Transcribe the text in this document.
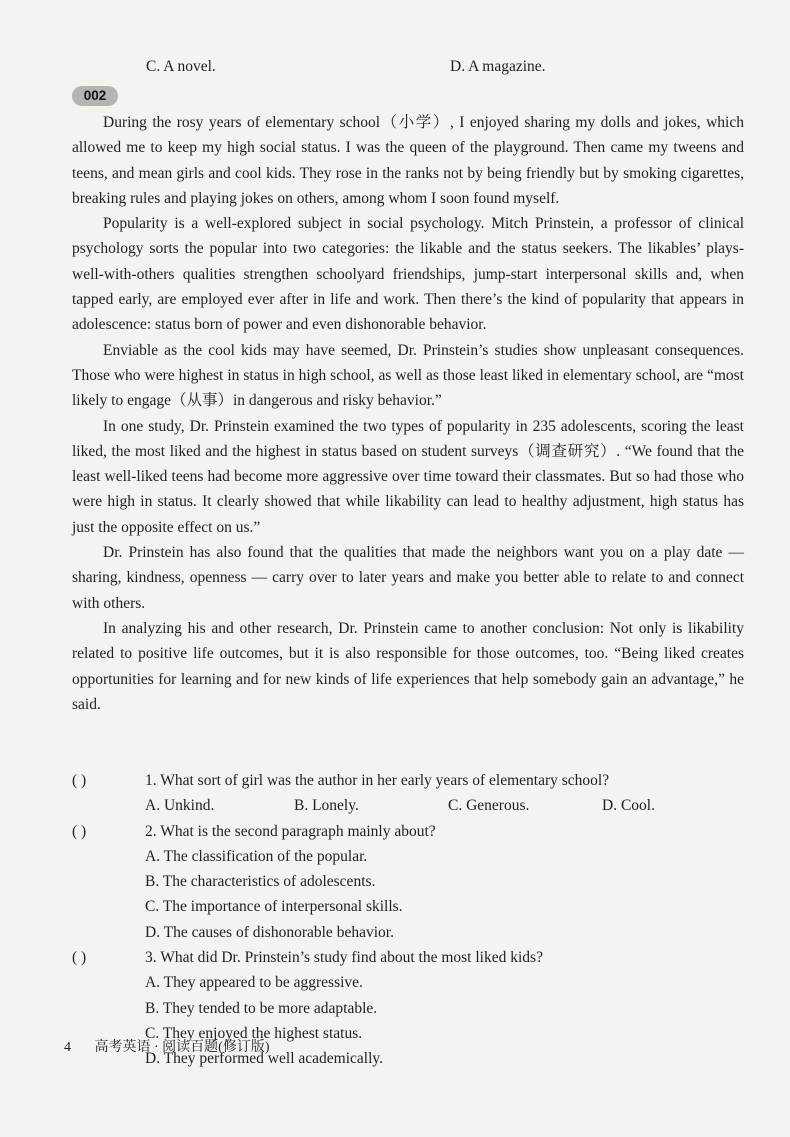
C. A novel.	D. A magazine.
002

During the rosy years of elementary school（小学）, I enjoyed sharing my dolls and jokes, which allowed me to keep my high social status. I was the queen of the playground. Then came my tweens and teens, and mean girls and cool kids. They rose in the ranks not by being friendly but by smoking cigarettes, breaking rules and playing jokes on others, among whom I soon found myself.

Popularity is a well-explored subject in social psychology. Mitch Prinstein, a professor of clinical psychology sorts the popular into two categories: the likable and the status seekers. The likables’ plays-well-with-others qualities strengthen schoolyard friendships, jump-start interpersonal skills and, when tapped early, are employed ever after in life and work. Then there’s the kind of popularity that appears in adolescence: status born of power and even dishonorable behavior.

Enviable as the cool kids may have seemed, Dr. Prinstein’s studies show unpleasant consequences. Those who were highest in status in high school, as well as those least liked in elementary school, are “most likely to engage（从事）in dangerous and risky behavior.”

In one study, Dr. Prinstein examined the two types of popularity in 235 adolescents, scoring the least liked, the most liked and the highest in status based on student surveys（调查研究）. “We found that the least well-liked teens had become more aggressive over time toward their classmates. But so had those who were high in status. It clearly showed that while likability can lead to healthy adjustment, high status has just the opposite effect on us.”

Dr. Prinstein has also found that the qualities that made the neighbors want you on a play date — sharing, kindness, openness — carry over to later years and make you better able to relate to and connect with others.

In analyzing his and other research, Dr. Prinstein came to another conclusion: Not only is likability related to positive life outcomes, but it is also responsible for those outcomes, too. “Being liked creates opportunities for learning and for new kinds of life experiences that help somebody gain an advantage,” he said.

( )	1. What sort of girl was the author in her early years of elementary school?
A. Unkind.	B. Lonely.	C. Generous.	D. Cool.
( )	2. What is the second paragraph mainly about?
A. The classification of the popular.
B. The characteristics of adolescents.
C. The importance of interpersonal skills.
D. The causes of dishonorable behavior.
( )	3. What did Dr. Prinstein’s study find about the most liked kids?
A. They appeared to be aggressive.
B. They tended to be more adaptable.
C. They enjoyed the highest status.
D. They performed well academically.
4 高考英语 · 阅读百题(修订版)
